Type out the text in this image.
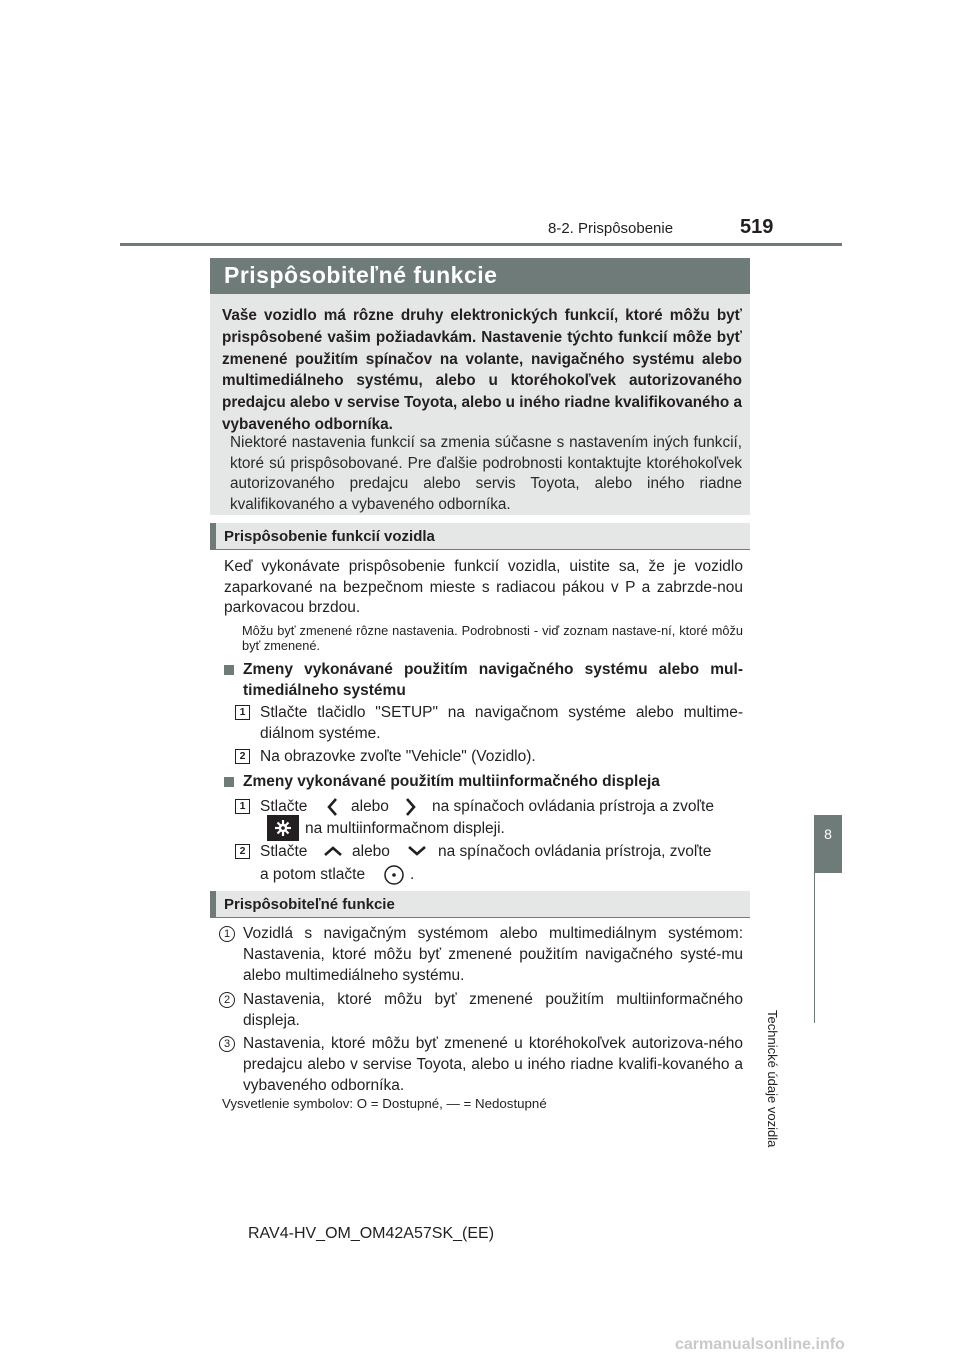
8-2. Prispôsobenie	519
8
Technické údaje vozidla
Prispôsobiteľné funkcie
Vaše vozidlo má rôzne druhy elektronických funkcií, ktoré môžu byť prispôsobené vašim požiadavkám. Nastavenie týchto funkcií môže byť zmenené použitím spínačov na volante, navigačného systému alebo multimediálneho systému, alebo u ktoréhokoľvek autorizovaného predajcu alebo v servise Toyota, alebo u iného riadne kvalifikovaného a vybaveného odborníka.
Niektoré nastavenia funkcií sa zmenia súčasne s nastavením iných funkcií, ktoré sú prispôsobované. Pre ďalšie podrobnosti kontaktujte ktoréhokoľvek autorizovaného predajcu alebo servis Toyota, alebo iného riadne kvalifikovaného a vybaveného odborníka.
Prispôsobenie funkcií vozidla
Keď vykonávate prispôsobenie funkcií vozidla, uistite sa, že je vozidlo zaparkované na bezpečnom mieste s radiacou pákou v P a zabrzde-nou parkovacou brzdou.
Môžu byť zmenené rôzne nastavenia. Podrobnosti - viď zoznam nastave-ní, ktoré môžu byť zmenené.
Zmeny vykonávané použitím navigačného systému alebo mul-timediálneho systému
1 Stlačte tlačidlo "SETUP" na navigačnom systéme alebo multime-diálnom systéme.
2 Na obrazovke zvoľte "Vehicle" (Vozidlo).
Zmeny vykonávané použitím multiinformačného displeja
1 Stlačte	alebo	na spínačoch ovládania prístroja a zvoľte
na multiinformačnom displeji.
2 Stlačte	alebo	na spínačoch ovládania prístroja, zvoľte
a potom stlačte	.
Prispôsobiteľné funkcie
1 Vozidlá s navigačným systémom alebo multimediálnym systémom: Nastavenia, ktoré môžu byť zmenené použitím navigačného systé-mu alebo multimediálneho systému.
2 Nastavenia, ktoré môžu byť zmenené použitím multiinformačného displeja.
3 Nastavenia, ktoré môžu byť zmenené u ktoréhokoľvek autorizova-ného predajcu alebo v servise Toyota, alebo u iného riadne kvalifi-kovaného a vybaveného odborníka.
Vysvetlenie symbolov: O = Dostupné, — = Nedostupné
RAV4-HV_OM_OM42A57SK_(EE)
carmanualsonline.info
